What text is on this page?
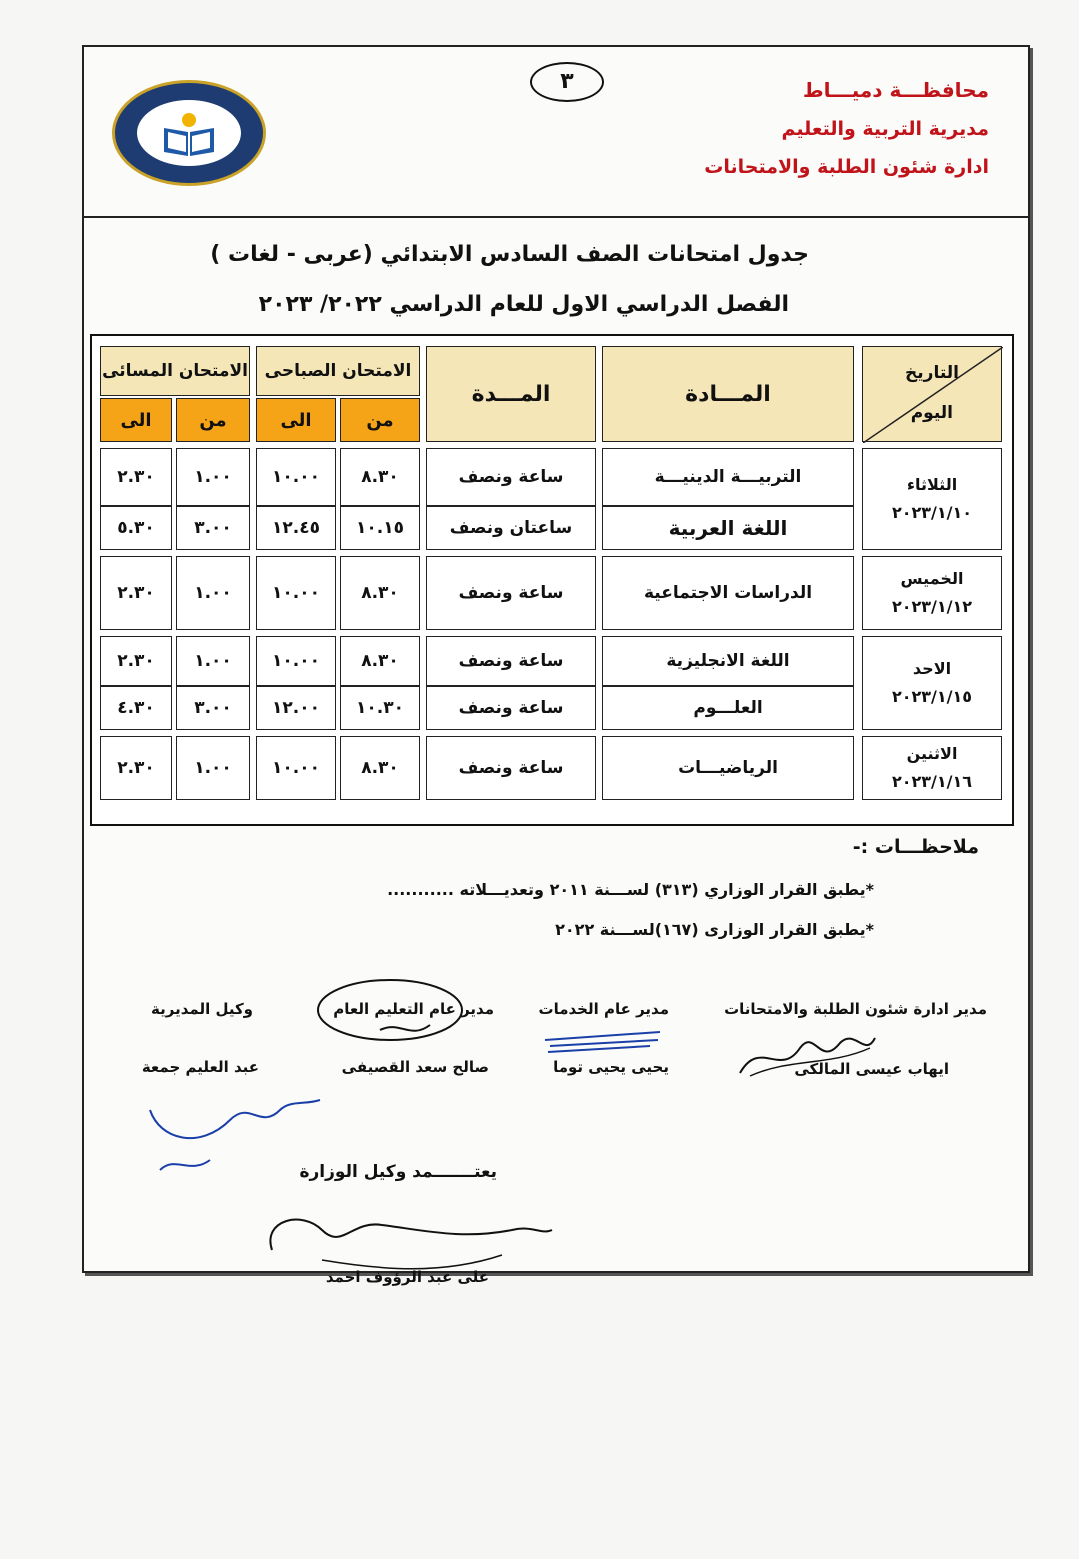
٣	محافظـــة دميـــاط
مديرية التربية والتعليم
ادارة شئون الطلبة والامتحانات
جدول امتحانات الصف السادس الابتدائي (عربى - لغات )
الفصل الدراسي الاول للعام الدراسي ٢٠٢٢/ ٢٠٢٣
التاريخ
اليوم
المـــادة
المـــدة
الامتحان الصباحى
الامتحان المسائى
من
الى
من
الى
الثلاثاء
٢٠٢٣/١/١٠
التربيـــة الدينيـــة
ساعة ونصف
٨.٣٠
١٠.٠٠
١.٠٠
٢.٣٠
اللغة العربية
ساعتان ونصف
١٠.١٥
١٢.٤٥
٣.٠٠
٥.٣٠
الخميس
٢٠٢٣/١/١٢
الدراسات الاجتماعية
ساعة ونصف
٨.٣٠
١٠.٠٠
١.٠٠
٢.٣٠
الاحد
٢٠٢٣/١/١٥
اللغة الانجليزية
ساعة ونصف
٨.٣٠
١٠.٠٠
١.٠٠
٢.٣٠
العلـــوم
ساعة ونصف
١٠.٣٠
١٢.٠٠
٣.٠٠
٤.٣٠
الاثنين
٢٠٢٣/١/١٦
الرياضيـــات
ساعة ونصف
٨.٣٠
١٠.٠٠
١.٠٠
٢.٣٠
ملاحظـــات :-
*يطبق القرار الوزاري (٣١٣) لســـنة ٢٠١١ وتعديـــلاته ...........
*يطبق القرار الوزارى (١٦٧)لســـنة ٢٠٢٢
مدير ادارة شئون الطلبة والامتحانات
ايهاب عيسى المالكى
مدير عام الخدمات
يحيى يحيى توما
مدير عام التعليم العام
صالح سعد القصيفى
وكيل المديرية
عبد العليم جمعة
يعتـــــــمد وكيل الوزارة
على عبد الرؤوف احمد
